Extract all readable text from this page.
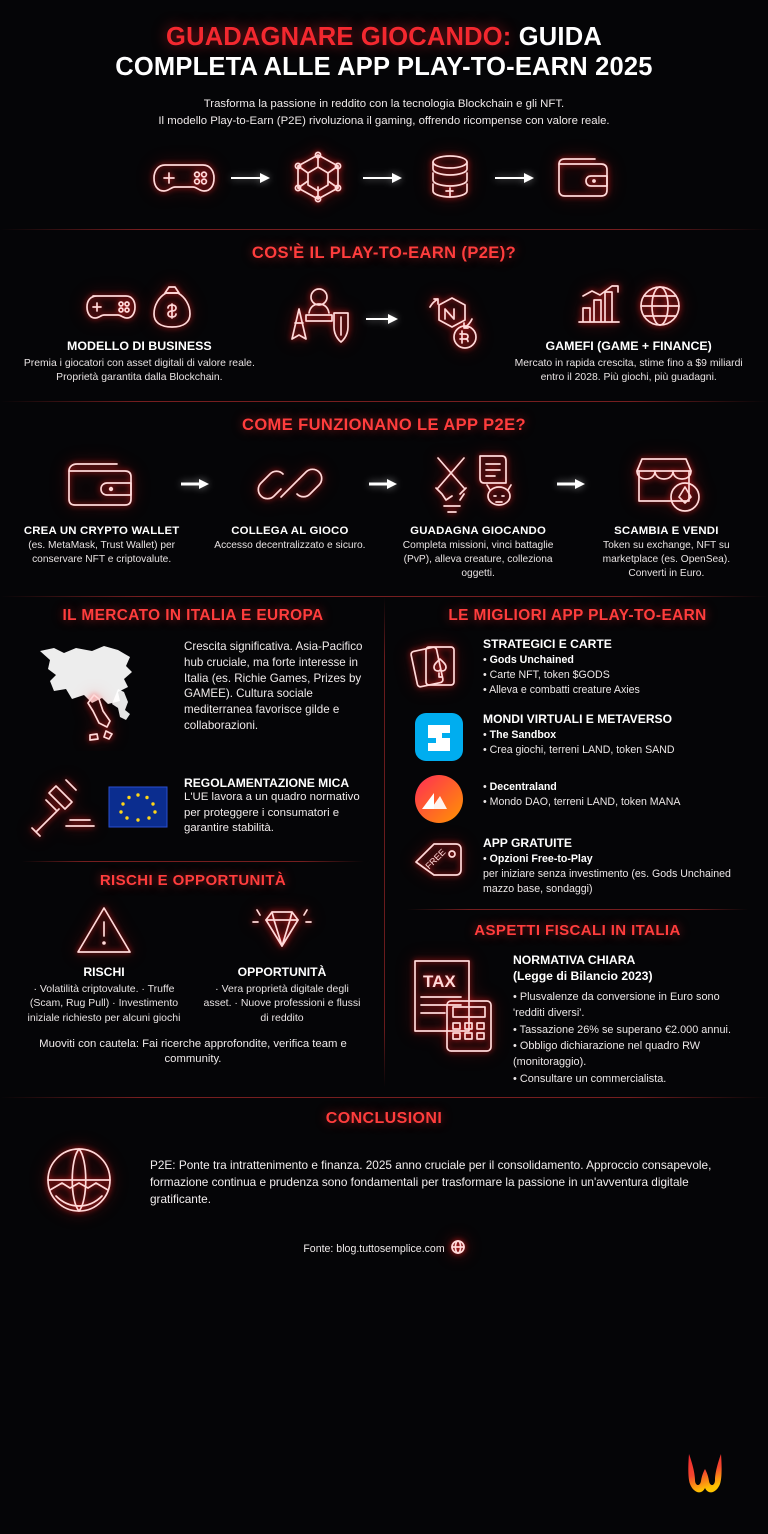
GUADAGNARE GIOCANDO: GUIDA
COMPLETA ALLE APP PLAY-TO-EARN 2025
Trasforma la passione in reddito con la tecnologia Blockchain e gli NFT.
Il modello Play-to-Earn (P2E) rivoluziona il gaming, offrendo ricompense con valore reale.
COS'È IL PLAY-TO-EARN (P2E)?
MODELLO DI BUSINESS
Premia i giocatori con asset digitali di valore reale. Proprietà garantita dalla Blockchain.
GAMEFI (GAME + FINANCE)
Mercato in rapida crescita, stime fino a $9 miliardi entro il 2028. Più giochi, più guadagni.
COME FUNZIONANO LE APP P2E?
CREA UN CRYPTO WALLET
(es. MetaMask, Trust Wallet) per conservare NFT e criptovalute.
COLLEGA AL GIOCO
Accesso decentralizzato e sicuro.
GUADAGNA GIOCANDO
Completa missioni, vinci battaglie (PvP), alleva creature, colleziona oggetti.
SCAMBIA E VENDI
Token su exchange, NFT su marketplace (es. OpenSea). Converti in Euro.
IL MERCATO IN ITALIA E EUROPA
Crescita significativa. Asia-Pacifico hub cruciale, ma forte interesse in Italia (es. Richie Games, Prizes by GAMEE). Cultura sociale mediterranea favorisce gilde e collaborazioni.
REGOLAMENTAZIONE MICA
L'UE lavora a un quadro normativo per proteggere i consumatori e garantire stabilità.
RISCHI E OPPORTUNITÀ
RISCHI
· Volatilità criptovalute. · Truffe (Scam, Rug Pull) · Investimento iniziale richiesto per alcuni giochi
OPPORTUNITÀ
· Vera proprietà digitale degli asset. · Nuove professioni e flussi di reddito
Muoviti con cautela: Fai ricerche approfondite, verifica team e community.
LE MIGLIORI APP PLAY-TO-EARN
STRATEGICI E CARTE
• Gods Unchained
• Carte NFT, token $GODS
• Alleva e combatti creature Axies
MONDI VIRTUALI E METAVERSO
• The Sandbox
• Crea giochi, terreni LAND, token SAND
• Decentraland
• Mondo DAO, terreni LAND, token MANA
FREE
APP GRATUITE
• Opzioni Free-to-Play
per iniziare senza investimento (es. Gods Unchained mazzo base, sondaggi)
ASPETTI FISCALI IN ITALIA
TAX
NORMATIVA CHIARA
(Legge di Bilancio 2023)
• Plusvalenze da conversione in Euro sono 'redditi diversi'.
• Tassazione 26% se superano €2.000 annui.
• Obbligo dichiarazione nel quadro RW (monitoraggio).
• Consultare un commercialista.
CONCLUSIONI
P2E: Ponte tra intrattenimento e finanza. 2025 anno cruciale per il consolidamento. Approccio consapevole, formazione continua e prudenza sono fondamentali per trasformare la passione in un'avventura digitale gratificante.
Fonte: blog.tuttosemplice.com
